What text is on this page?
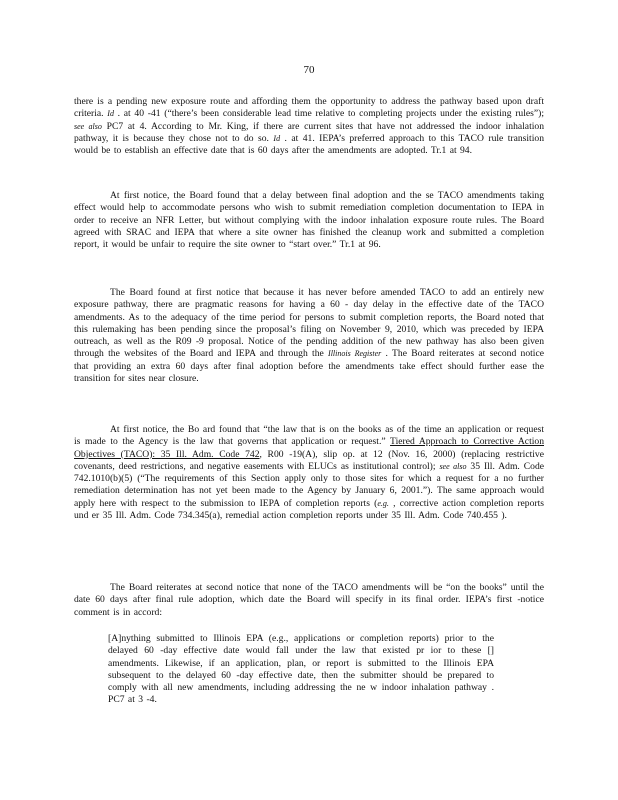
70

there is a pending new exposure route and affording them the opportunity to address the pathway based upon draft criteria. Id . at 40 -41 (“there’s been considerable lead time relative to completing projects under the existing rules”); see also PC7 at 4. According to Mr. King, if there are current sites that have not addressed the indoor inhalation pathway, it is because they chose not to do so. Id . at 41. IEPA’s preferred approach to this TACO rule transition would be to establish an effective date that is 60 days after the amendments are adopted. Tr.1 at 94.

At first notice, the Board found that a delay between final adoption and the se TACO amendments taking effect would help to accommodate persons who wish to submit remediation completion documentation to IEPA in order to receive an NFR Letter, but without complying with the indoor inhalation exposure route rules. The Board agreed with SRAC and IEPA that where a site owner has finished the cleanup work and submitted a completion report, it would be unfair to require the site owner to “start over.” Tr.1 at 96.

The Board found at first notice that because it has never before amended TACO to add an entirely new exposure pathway, there are pragmatic reasons for having a 60 - day delay in the effective date of the TACO amendments. As to the adequacy of the time period for persons to submit completion reports, the Board noted that this rulemaking has been pending since the proposal’s filing on November 9, 2010, which was preceded by IEPA outreach, as well as the R09 -9 proposal. Notice of the pending addition of the new pathway has also been given through the websites of the Board and IEPA and through the Illinois Register . The Board reiterates at second notice that providing an extra 60 days after final adoption before the amendments take effect should further ease the transition for sites near closure.

At first notice, the Bo ard found that “the law that is on the books as of the time an application or request is made to the Agency is the law that governs that application or request.” Tiered Approach to Corrective Action Objectives (TACO): 35 Ill. Adm. Code 742, R00 -19(A), slip op. at 12 (Nov. 16, 2000) (replacing restrictive covenants, deed restrictions, and negative easements with ELUCs as institutional control); see also 35 Ill. Adm. Code 742.1010(b)(5) (“The requirements of this Section apply only to those sites for which a request for a no further remediation determination has not yet been made to the Agency by January 6, 2001.”). The same approach would apply here with respect to the submission to IEPA of completion reports (e.g. , corrective action completion reports und er 35 Ill. Adm. Code 734.345(a), remedial action completion reports under 35 Ill. Adm. Code 740.455 ).

The Board reiterates at second notice that none of the TACO amendments will be “on the books” until the date 60 days after final rule adoption, which date the Board will specify in its final order. IEPA’s first -notice comment is in accord:

[A]nything submitted to Illinois EPA (e.g., applications or completion reports) prior to the delayed 60 -day effective date would fall under the law that existed pr ior to these [] amendments. Likewise, if an application, plan, or report is submitted to the Illinois EPA subsequent to the delayed 60 -day effective date, then the submitter should be prepared to comply with all new amendments, including addressing the ne w indoor inhalation pathway . PC7 at 3 -4.
